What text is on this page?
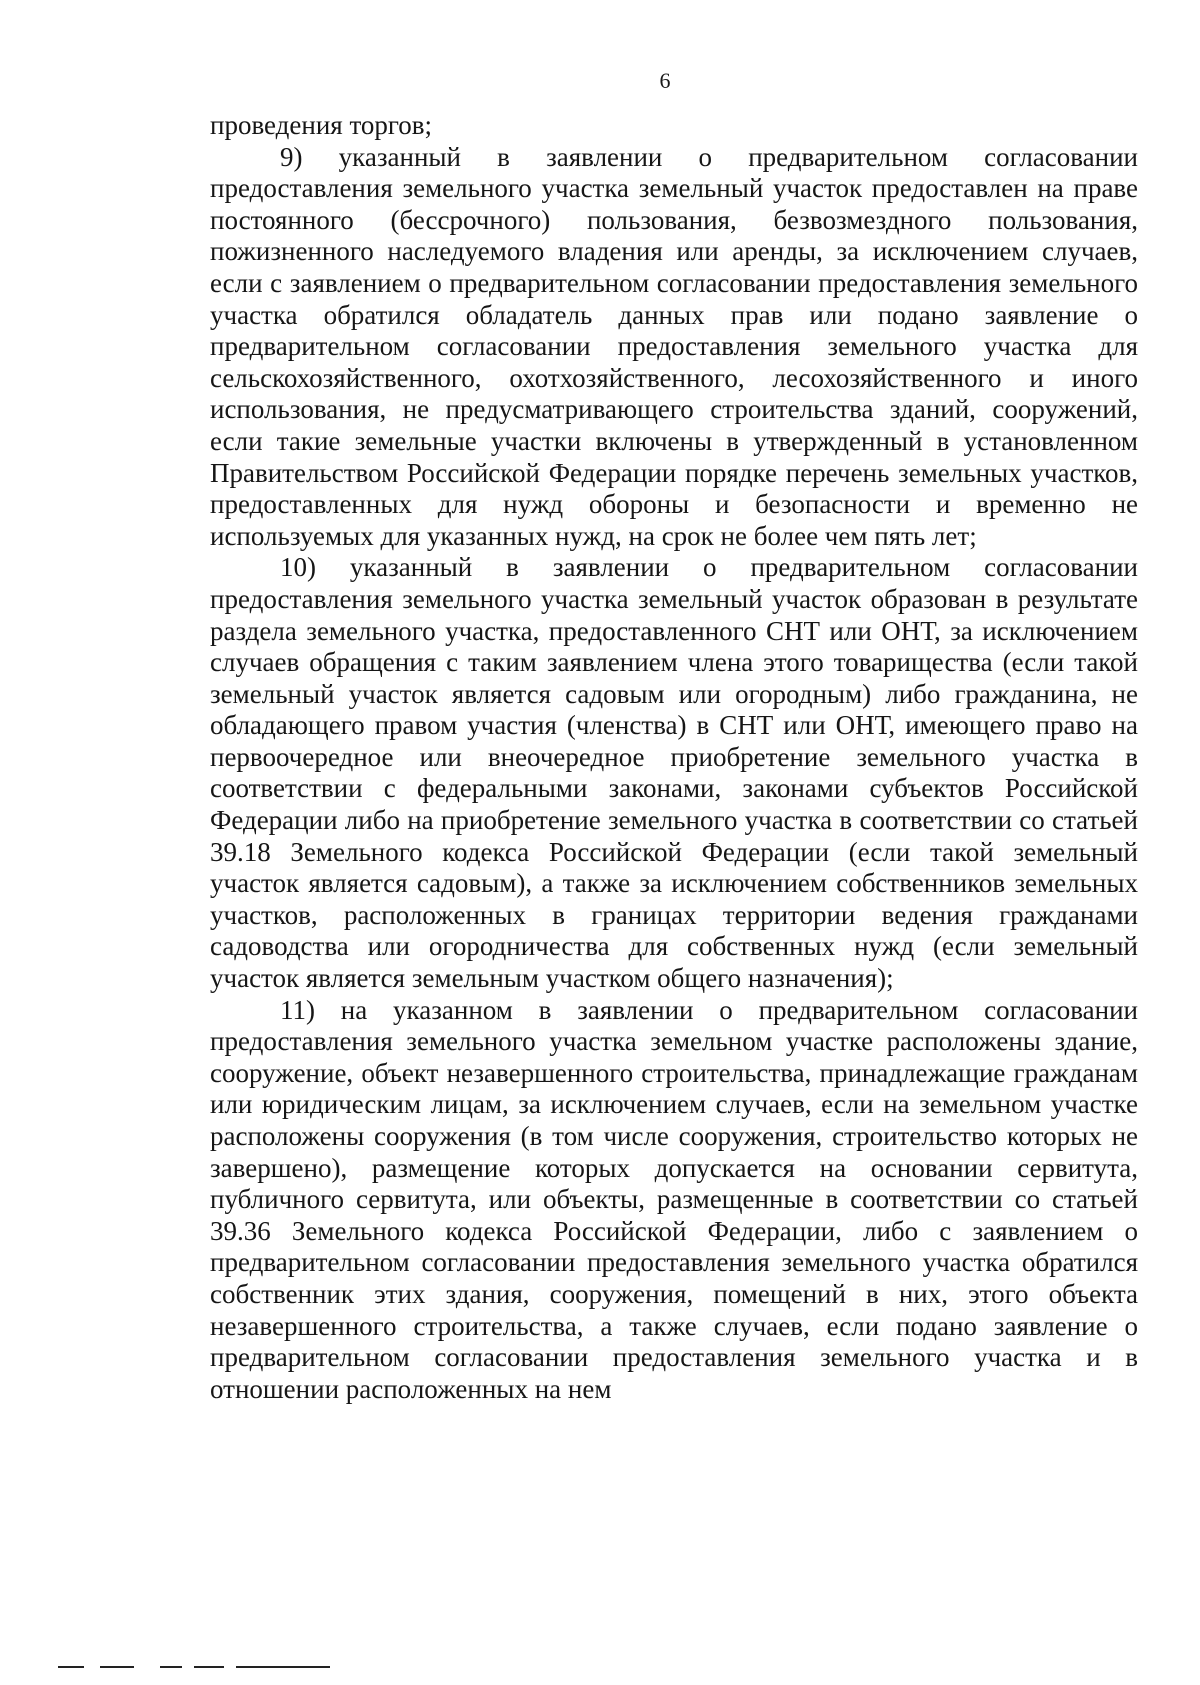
6

проведения торгов;

9) указанный в заявлении о предварительном согласовании предоставления земельного участка земельный участок предоставлен на праве постоянного (бессрочного) пользования, безвозмездного пользования, пожизненного наследуемого владения или аренды, за исключением случаев, если с заявлением о предварительном согласовании предоставления земельного участка обратился обладатель данных прав или подано заявление о предварительном согласовании предоставления земельного участка для сельскохозяйственного, охотхозяйственного, лесохозяйственного и иного использования, не предусматривающего строительства зданий, сооружений, если такие земельные участки включены в утвержденный в установленном Правительством Российской Федерации порядке перечень земельных участков, предоставленных для нужд обороны и безопасности и временно не используемых для указанных нужд, на срок не более чем пять лет;

10) указанный в заявлении о предварительном согласовании предоставления земельного участка земельный участок образован в результате раздела земельного участка, предоставленного СНТ или ОНТ, за исключением случаев обращения с таким заявлением члена этого товарищества (если такой земельный участок является садовым или огородным) либо гражданина, не обладающего правом участия (членства) в СНТ или ОНТ, имеющего право на первоочередное или внеочередное приобретение земельного участка в соответствии с федеральными законами, законами субъектов Российской Федерации либо на приобретение земельного участка в соответствии со статьей 39.18 Земельного кодекса Российской Федерации (если такой земельный участок является садовым), а также за исключением собственников земельных участков, расположенных в границах территории ведения гражданами садоводства или огородничества для собственных нужд (если земельный участок является земельным участком общего назначения);

11) на указанном в заявлении о предварительном согласовании предоставления земельного участка земельном участке расположены здание, сооружение, объект незавершенного строительства, принадлежащие гражданам или юридическим лицам, за исключением случаев, если на земельном участке расположены сооружения (в том числе сооружения, строительство которых не завершено), размещение которых допускается на основании сервитута, публичного сервитута, или объекты, размещенные в соответствии со статьей 39.36 Земельного кодекса Российской Федерации, либо с заявлением о предварительном согласовании предоставления земельного участка обратился собственник этих здания, сооружения, помещений в них, этого объекта незавершенного строительства, а также случаев, если подано заявление о предварительном согласовании предоставления земельного участка и в отношении расположенных на нем
